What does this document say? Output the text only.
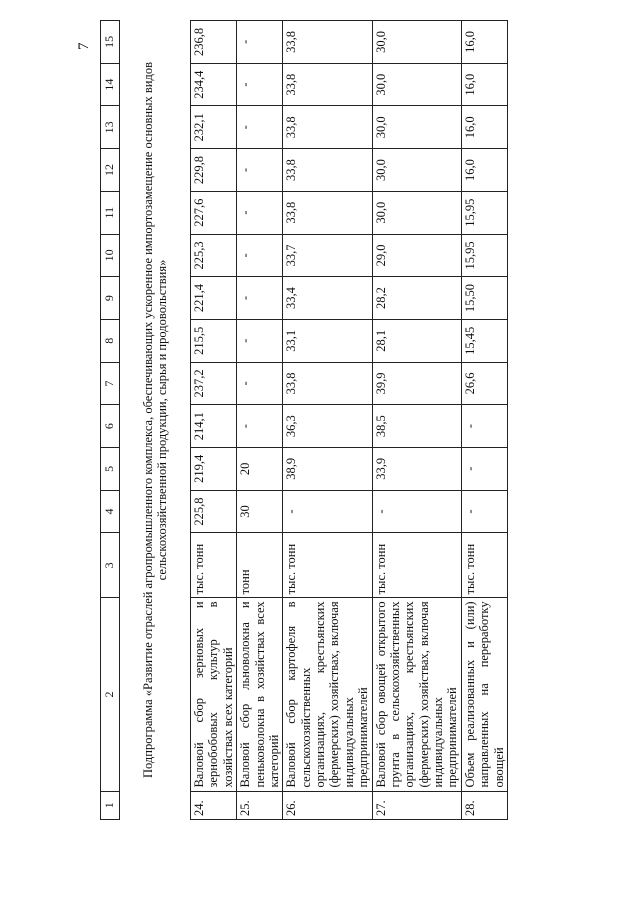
7
1	2	3	4	5	6	7	8	9	10	11	12	13	14	15
Подпрограмма «Развитие отраслей агропромышленного комплекса, обеспечивающих ускоренное импортозамещение основных видов сельскохозяйственной продукции, сырья и продовольствия»														
24.	Валовой сбор зерновых и зернобобовых культур в хозяйствах всех категорий	тыс. тонн	225,8	219,4	214,1	237,2	215,5	221,4	225,3	227,6	229,8	232,1	234,4	236,8
25.	Валовой сбор льноволокна и пеньковолокна в хозяйствах всех категорий	тонн	30	20	-	-	-	-	-	-	-	-	-	-
26.	Валовой сбор картофеля в сельскохозяйственных организациях, крестьянских (фермерских) хозяйствах, включая индивидуальных предпринимателей	тыс. тонн	-	38,9	36,3	33,8	33,1	33,4	33,7	33,8	33,8	33,8	33,8	33,8
27.	Валовой сбор овощей открытого грунта в сельскохозяйственных организациях, крестьянских (фермерских) хозяйствах, включая индивидуальных предпринимателей	тыс. тонн	-	33,9	38,5	39,9	28,1	28,2	29,0	30,0	30,0	30,0	30,0	30,0
28.	Объем реализованных и (или) направленных на переработку овощей	тыс. тонн	-	-	-	26,6	15,45	15,50	15,95	15,95	16,0	16,0	16,0	16,0
